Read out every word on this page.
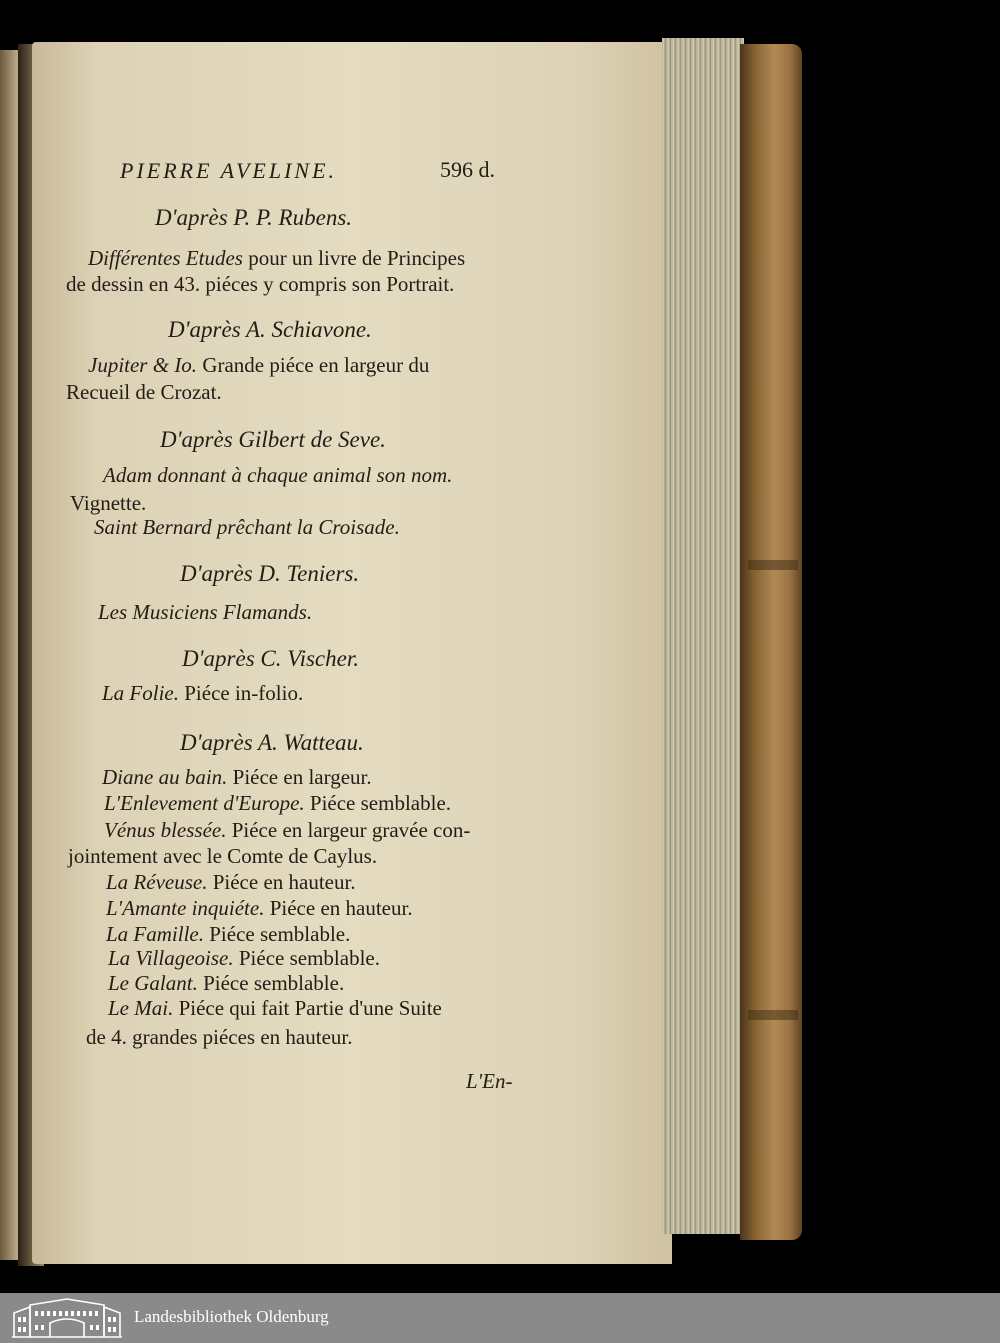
PIERRE AVELINE.	596 d.
D'après P. P. Rubens.
Différentes Etudes pour un livre de Principes
de dessin en 43. piéces y compris son Portrait.
D'après A. Schiavone.
Jupiter & Io. Grande piéce en largeur du
Recueil de Crozat.
D'après Gilbert de Seve.
Adam donnant à chaque animal son nom.
Vignette.
Saint Bernard prêchant la Croisade.
D'après D. Teniers.
Les Musiciens Flamands.
D'après C. Vischer.
La Folie. Piéce in-folio.
D'après A. Watteau.
Diane au bain. Piéce en largeur.
L'Enlevement d'Europe. Piéce semblable.
Vénus blessée. Piéce en largeur gravée con-
jointement avec le Comte de Caylus.
La Réveuse. Piéce en hauteur.
L'Amante inquiéte. Piéce en hauteur.
La Famille. Piéce semblable.
La Villageoise. Piéce semblable.
Le Galant. Piéce semblable.
Le Mai. Piéce qui fait Partie d'une Suite
de 4. grandes piéces en hauteur.
L'En-
Landesbibliothek Oldenburg
